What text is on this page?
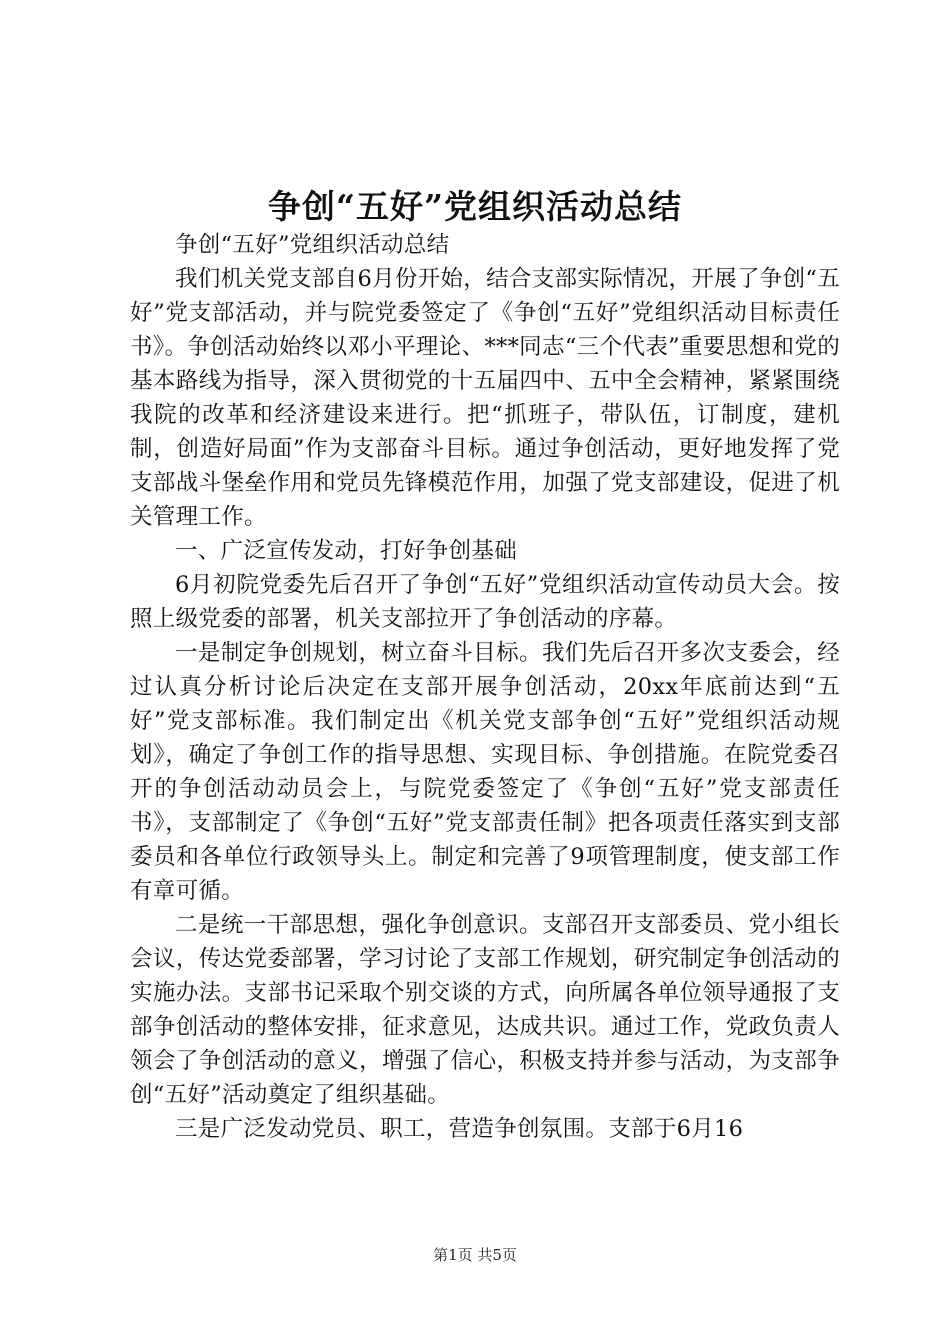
争创“五好”党组织活动总结

争创“五好”党组织活动总结

我们机关党支部自6月份开始，结合支部实际情况，开展了争创“五好”党支部活动，并与院党委签定了《争创“五好”党组织活动目标责任书》。争创活动始终以邓小平理论、***同志“三个代表”重要思想和党的基本路线为指导，深入贯彻党的十五届四中、五中全会精神，紧紧围绕我院的改革和经济建设来进行。把“抓班子，带队伍，订制度，建机制，创造好局面”作为支部奋斗目标。通过争创活动，更好地发挥了党支部战斗堡垒作用和党员先锋模范作用，加强了党支部建设，促进了机关管理工作。

一、广泛宣传发动，打好争创基础

6月初院党委先后召开了争创“五好”党组织活动宣传动员大会。按照上级党委的部署，机关支部拉开了争创活动的序幕。

一是制定争创规划，树立奋斗目标。我们先后召开多次支委会，经过认真分析讨论后决定在支部开展争创活动，20xx年底前达到“五好”党支部标准。我们制定出《机关党支部争创“五好”党组织活动规划》，确定了争创工作的指导思想、实现目标、争创措施。在院党委召开的争创活动动员会上，与院党委签定了《争创“五好”党支部责任书》，支部制定了《争创“五好”党支部责任制》把各项责任落实到支部委员和各单位行政领导头上。制定和完善了9项管理制度，使支部工作有章可循。

二是统一干部思想，强化争创意识。支部召开支部委员、党小组长会议，传达党委部署，学习讨论了支部工作规划，研究制定争创活动的实施办法。支部书记采取个别交谈的方式，向所属各单位领导通报了支部争创活动的整体安排，征求意见，达成共识。通过工作，党政负责人领会了争创活动的意义，增强了信心，积极支持并参与活动，为支部争创“五好”活动奠定了组织基础。

三是广泛发动党员、职工，营造争创氛围。支部于6月16

第1页 共5页
